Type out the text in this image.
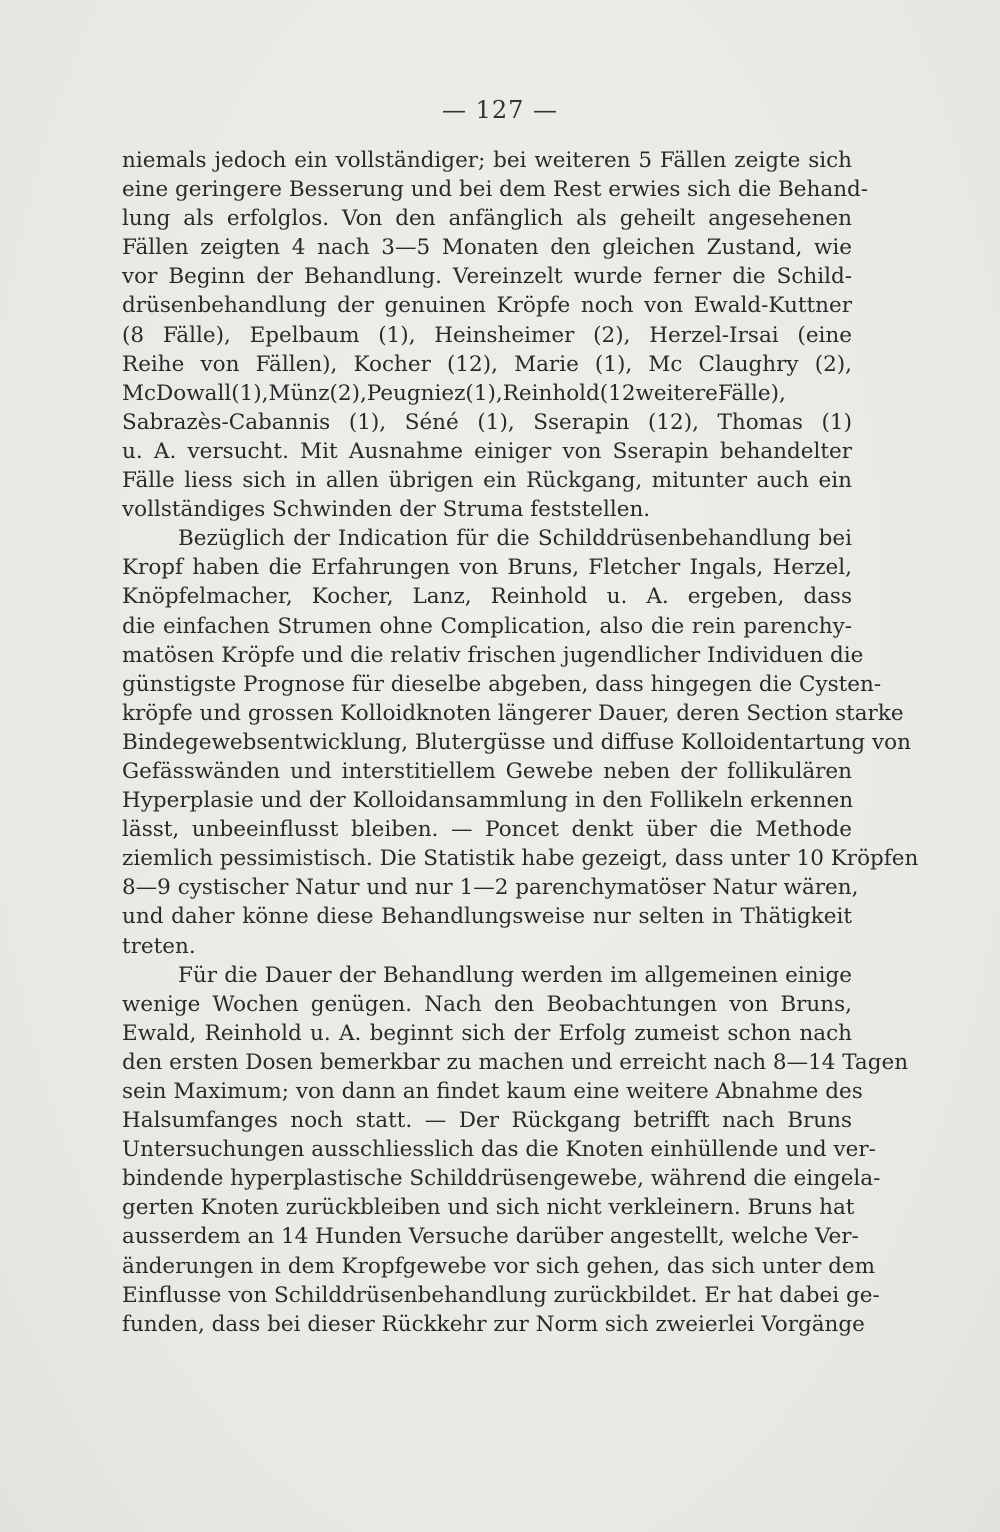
— 127 —
niemals jedoch ein vollständiger; bei weiteren 5 Fällen zeigte sich
eine geringere Besserung und bei dem Rest erwies sich die Behand-
lung als erfolglos. Von den anfänglich als geheilt angesehenen
Fällen zeigten 4 nach 3—5 Monaten den gleichen Zustand, wie
vor Beginn der Behandlung. Vereinzelt wurde ferner die Schild-
drüsenbehandlung der genuinen Kröpfe noch von Ewald-Kuttner
(8 Fälle), Epelbaum (1), Heinsheimer (2), Herzel-Irsai (eine
Reihe von Fällen), Kocher (12), Marie (1), Mc Claughry (2),
McDowall(1),Münz(2),Peugniez(1),Reinhold(12weitereFälle),
Sabrazès-Cabannis (1), Séné (1), Sserapin (12), Thomas (1)
u. A. versucht. Mit Ausnahme einiger von Sserapin behandelter
Fälle liess sich in allen übrigen ein Rückgang, mitunter auch ein
vollständiges Schwinden der Struma feststellen.
Bezüglich der Indication für die Schilddrüsenbehandlung bei
Kropf haben die Erfahrungen von Bruns, Fletcher Ingals, Herzel,
Knöpfelmacher, Kocher, Lanz, Reinhold u. A. ergeben, dass
die einfachen Strumen ohne Complication, also die rein parenchy-
matösen Kröpfe und die relativ frischen jugendlicher Individuen die
günstigste Prognose für dieselbe abgeben, dass hingegen die Cysten-
kröpfe und grossen Kolloidknoten längerer Dauer, deren Section starke
Bindegewebsentwicklung, Blutergüsse und diffuse Kolloidentartung von
Gefässwänden und interstitiellem Gewebe neben der follikulären
Hyperplasie und der Kolloidansammlung in den Follikeln erkennen
lässt, unbeeinflusst bleiben. — Poncet denkt über die Methode
ziemlich pessimistisch. Die Statistik habe gezeigt, dass unter 10 Kröpfen
8—9 cystischer Natur und nur 1—2 parenchymatöser Natur wären,
und daher könne diese Behandlungsweise nur selten in Thätigkeit
treten.
Für die Dauer der Behandlung werden im allgemeinen einige
wenige Wochen genügen. Nach den Beobachtungen von Bruns,
Ewald, Reinhold u. A. beginnt sich der Erfolg zumeist schon nach
den ersten Dosen bemerkbar zu machen und erreicht nach 8—14 Tagen
sein Maximum; von dann an findet kaum eine weitere Abnahme des
Halsumfanges noch statt. — Der Rückgang betrifft nach Bruns
Untersuchungen ausschliesslich das die Knoten einhüllende und ver-
bindende hyperplastische Schilddrüsengewebe, während die eingela-
gerten Knoten zurückbleiben und sich nicht verkleinern. Bruns hat
ausserdem an 14 Hunden Versuche darüber angestellt, welche Ver-
änderungen in dem Kropfgewebe vor sich gehen, das sich unter dem
Einflusse von Schilddrüsenbehandlung zurückbildet. Er hat dabei ge-
funden, dass bei dieser Rückkehr zur Norm sich zweierlei Vorgänge
